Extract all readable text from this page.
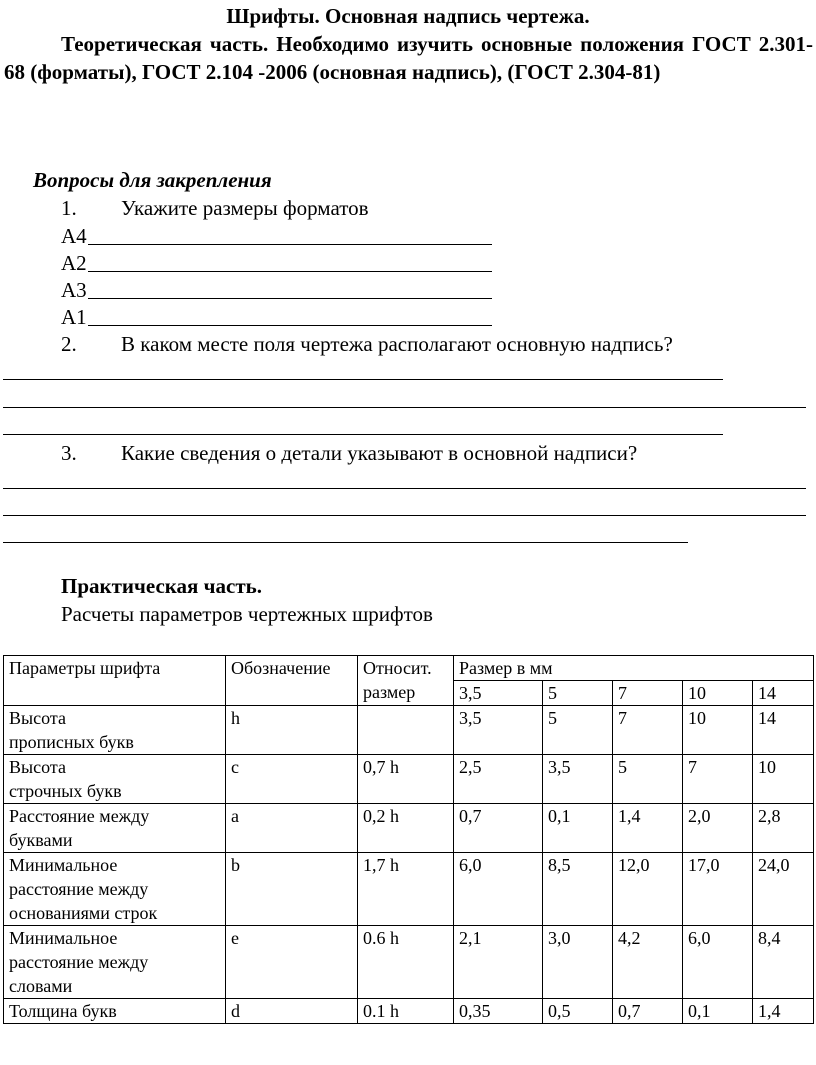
Шрифты. Основная надпись чертежа.
Теоретическая часть. Необходимо изучить основные положения ГОСТ 2.301-68 (форматы), ГОСТ 2.104 -2006 (основная надпись), (ГОСТ 2.304-81)
Вопросы для закрепления
1. Укажите размеры форматов
А4
А2
А3
А1
2. В каком месте поля чертежа располагают основную надпись?
3. Какие сведения о детали указывают в основной надписи?
Практическая часть.
Расчеты параметров чертежных шрифтов
Параметры шрифта	Обозначение	Относит. размер	Размер в мм				
			3,5	5	7	10	14
Высота
прописных букв	h		3,5	5	7	10	14
Высота
строчных букв	c	0,7 h	2,5	3,5	5	7	10
Расстояние между
буквами	a	0,2 h	0,7	0,1	1,4	2,0	2,8
Минимальное
расстояние между
основаниями строк	b	1,7 h	6,0	8,5	12,0	17,0	24,0
Минимальное
расстояние между
словами	e	0.6 h	2,1	3,0	4,2	6,0	8,4
Толщина букв	d	0.1 h	0,35	0,5	0,7	0,1	1,4
